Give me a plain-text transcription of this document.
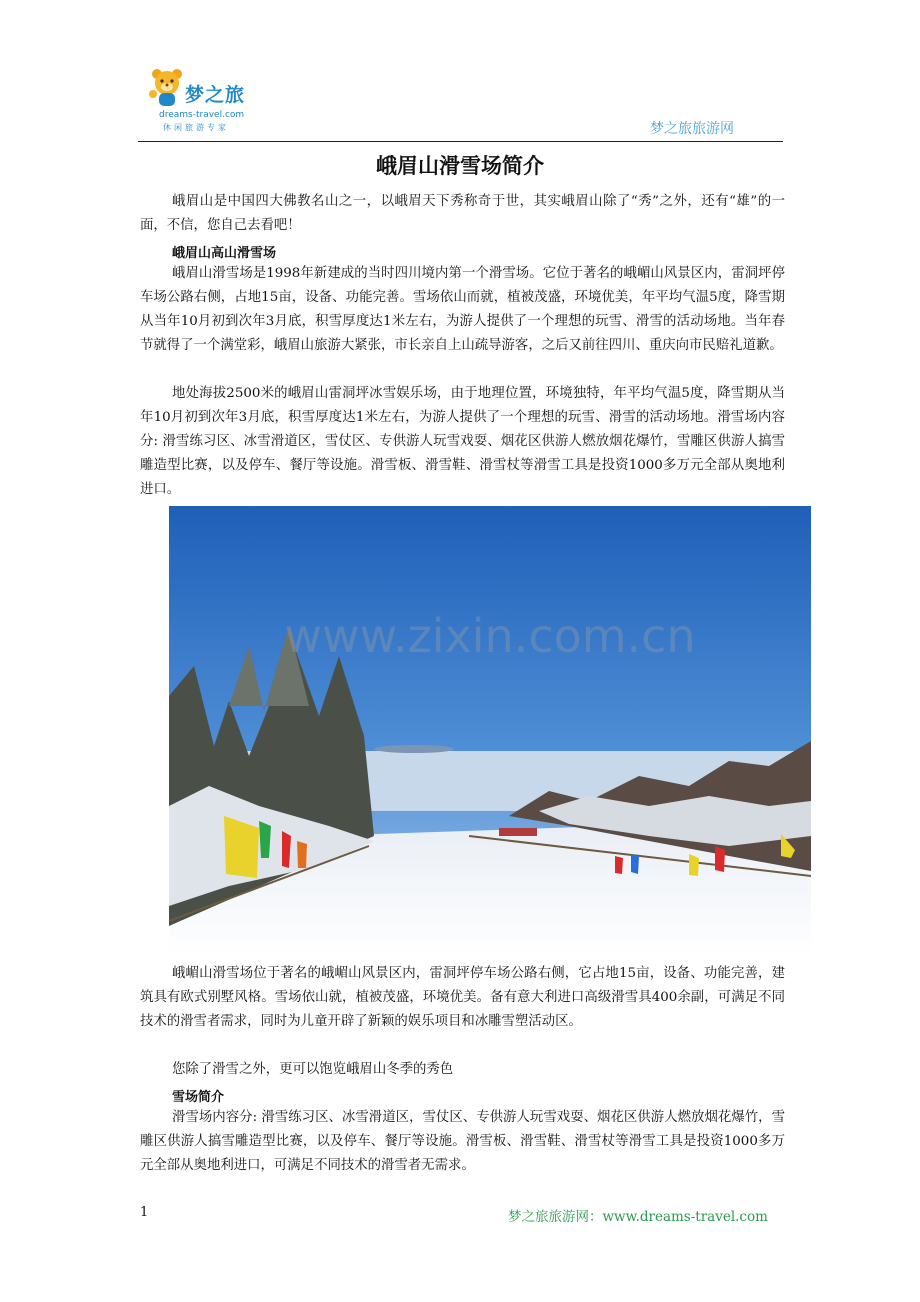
梦之旅
dreams-travel.com
休闲旅游专家	梦之旅旅游网
峨眉山滑雪场简介

峨眉山是中国四大佛教名山之一，以峨眉天下秀称奇于世，其实峨眉山除了“秀”之外，还有“雄”的一面，不信，您自己去看吧！

峨眉山高山滑雪场

峨眉山滑雪场是1998年新建成的当时四川境内第一个滑雪场。它位于著名的峨嵋山风景区内，雷洞坪停车场公路右侧，占地15亩，设备、功能完善。雪场依山而就，植被茂盛，环境优美，年平均气温5度，降雪期从当年10月初到次年3月底，积雪厚度达1米左右，为游人提供了一个理想的玩雪、滑雪的活动场地。当年春节就得了一个满堂彩，峨眉山旅游大紧张，市长亲自上山疏导游客，之后又前往四川、重庆向市民赔礼道歉。

地处海拔2500米的峨眉山雷洞坪冰雪娱乐场，由于地理位置，环境独特，年平均气温5度，降雪期从当年10月初到次年3月底，积雪厚度达1米左右，为游人提供了一个理想的玩雪、滑雪的活动场地。滑雪场内容分: 滑雪练习区、冰雪滑道区，雪仗区、专供游人玩雪戏耍、烟花区供游人燃放烟花爆竹，雪雕区供游人搞雪雕造型比赛，以及停车、餐厅等设施。滑雪板、滑雪鞋、滑雪杖等滑雪工具是投资1000多万元全部从奥地利进口。

www.zixin.com.cn

峨嵋山滑雪场位于著名的峨嵋山风景区内，雷洞坪停车场公路右侧，它占地15亩，设备、功能完善，建筑具有欧式别墅风格。雪场依山就，植被茂盛，环境优美。备有意大利进口高级滑雪具400余副，可满足不同技术的滑雪者需求，同时为儿童开辟了新颖的娱乐项目和冰雕雪塑活动区。

您除了滑雪之外，更可以饱览峨眉山冬季的秀色

雪场简介

滑雪场内容分: 滑雪练习区、冰雪滑道区，雪仗区、专供游人玩雪戏耍、烟花区供游人燃放烟花爆竹，雪雕区供游人搞雪雕造型比赛，以及停车、餐厅等设施。滑雪板、滑雪鞋、滑雪杖等滑雪工具是投资1000多万元全部从奥地利进口，可满足不同技术的滑雪者无需求。

1	梦之旅旅游网：www.dreams-travel.com
